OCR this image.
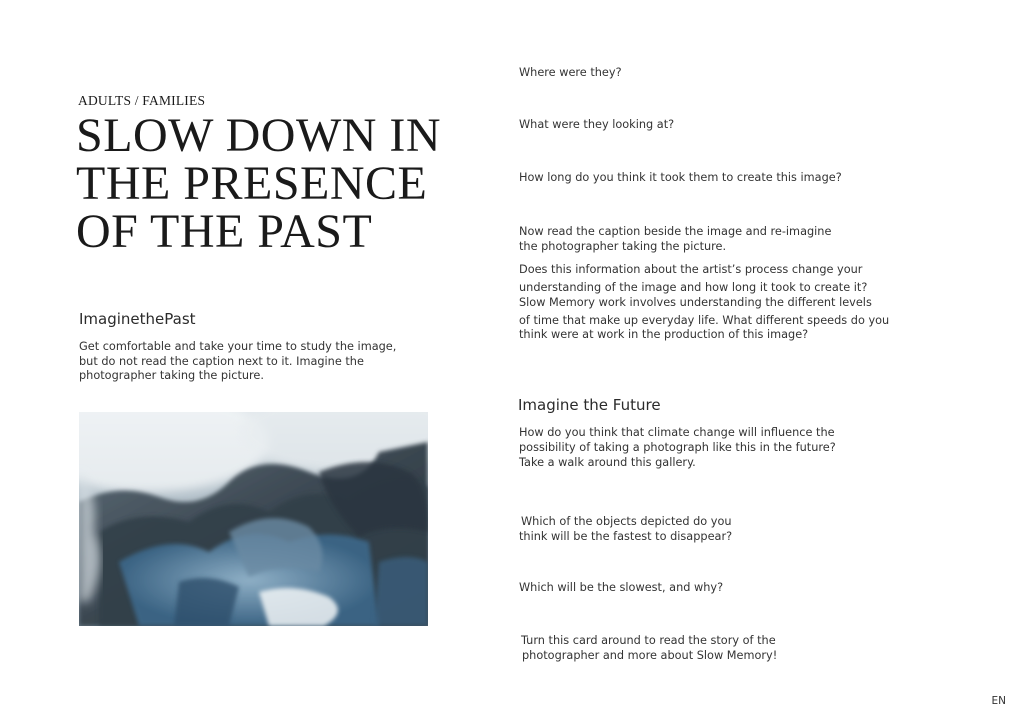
ADULTS / FAMILIES
SLOW DOWN IN
THE PRESENCE
OF THE PAST
ImaginethePast
Get comfortable and take your time to study the image,
but do not read the caption next to it. Imagine the
photographer taking the picture.
Where were they?
What were they looking at?
How long do you think it took them to create this image?
Now read the caption beside the image and re-imagine
the photographer taking the picture.
Does this information about the artist’s process change your
understanding of the image and how long it took to create it?
Slow Memory work involves understanding the different levels
of time that make up everyday life. What different speeds do you
think were at work in the production of this image?
Imagine the Future
How do you think that climate change will influence the
possibility of taking a photograph like this in the future?
Take a walk around this gallery.
Which of the objects depicted do you
think will be the fastest to disappear?
Which will be the slowest, and why?
Turn this card around to read the story of the
photographer and more about Slow Memory!
EN
